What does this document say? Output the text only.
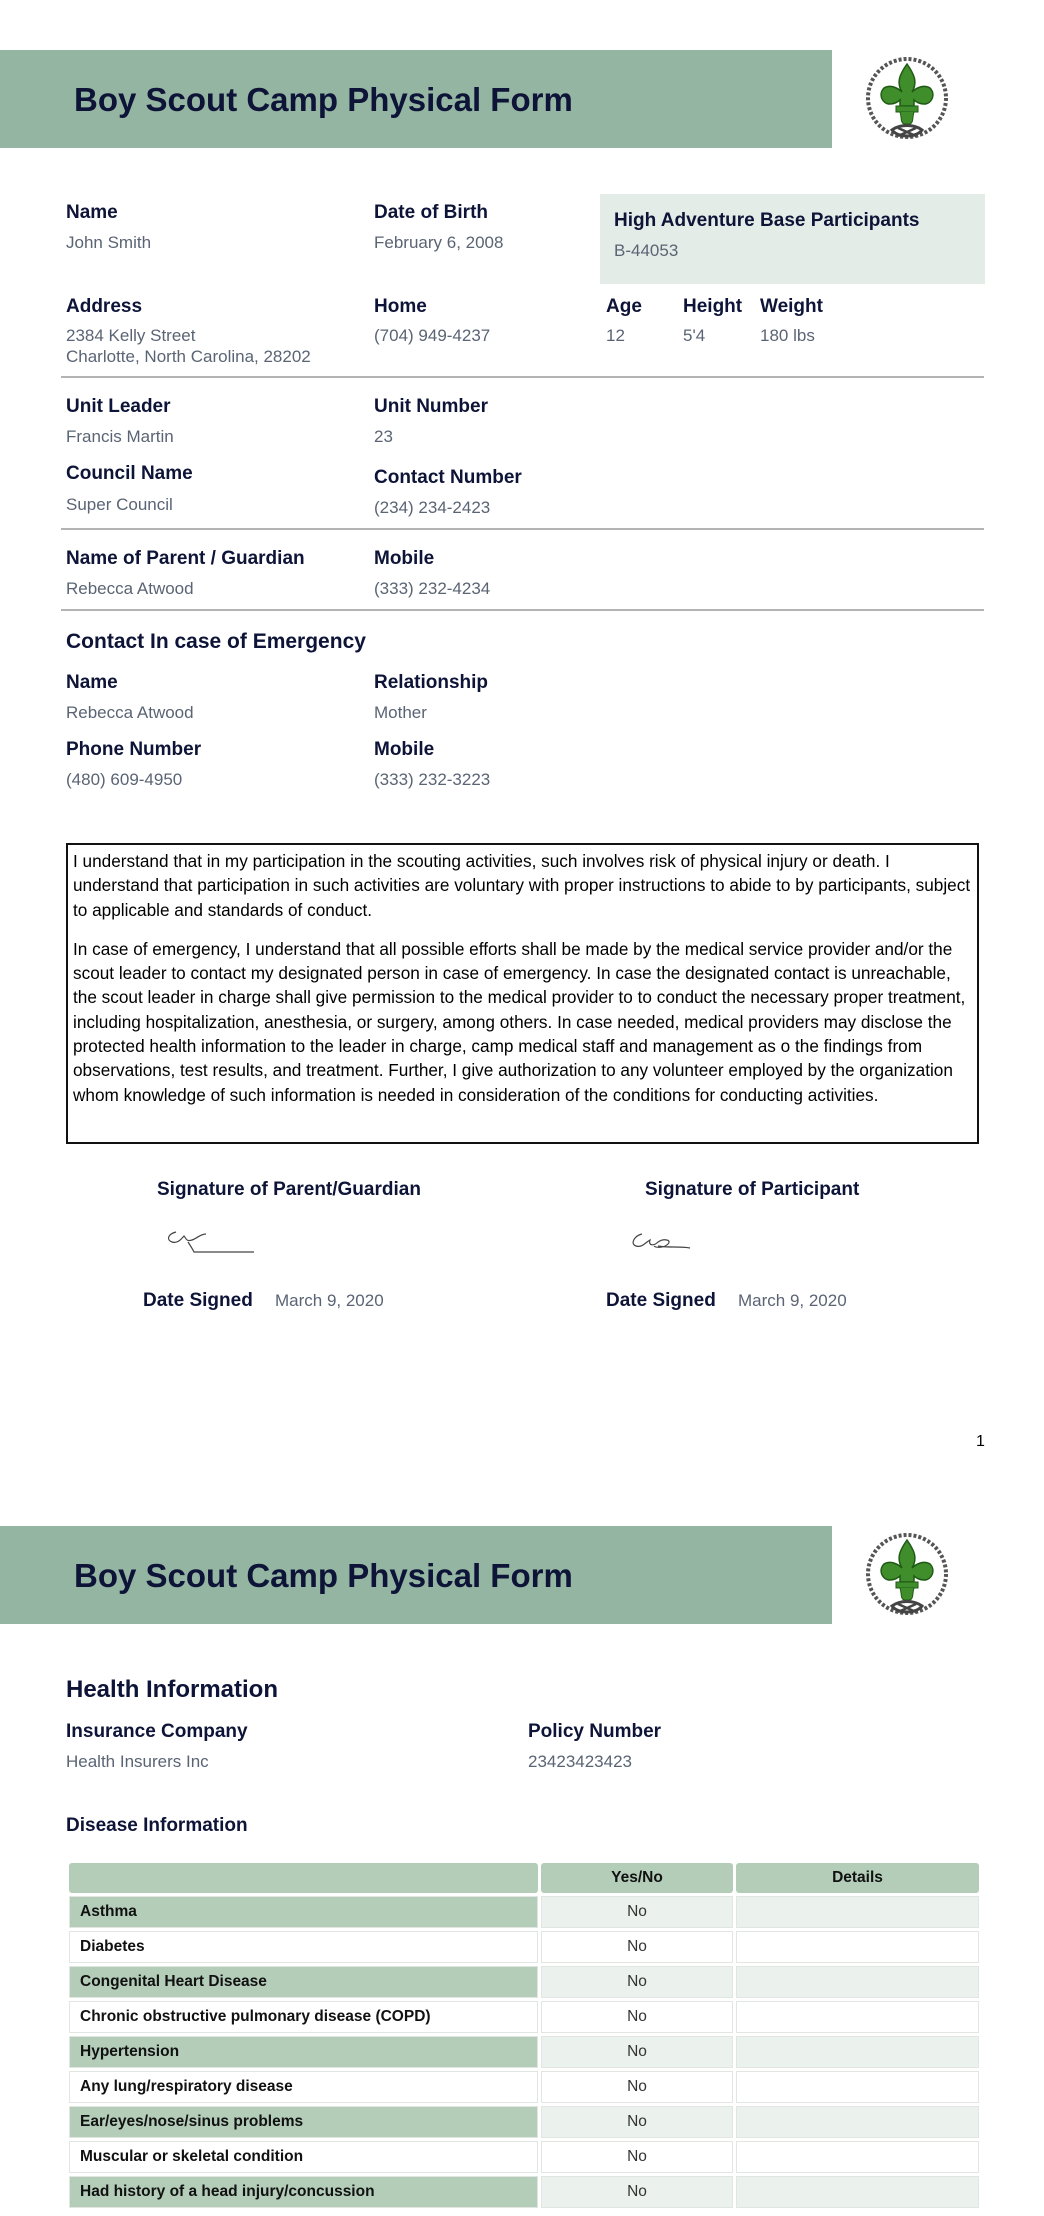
Boy Scout Camp Physical Form
Name
John Smith
Date of Birth
February 6, 2008
High Adventure Base Participants
B-44053
Address
2384 Kelly Street
Charlotte, North Carolina, 28202
Home
(704) 949-4237
Age
12
Height
5'4
Weight
180 lbs
Unit Leader
Francis Martin
Unit Number
23
Council Name
Super Council
Contact Number
(234) 234-2423
Name of Parent / Guardian
Rebecca Atwood
Mobile
(333) 232-4234
Contact In case of Emergency
Name
Rebecca Atwood
Relationship
Mother
Phone Number
(480) 609-4950
Mobile
(333) 232-3223

I understand that in my participation in the scouting activities, such involves risk of physical injury or death. I understand that participation in such activities are voluntary with proper instructions to abide to by participants, subject to applicable and standards of conduct.

In case of emergency, I understand that all possible efforts shall be made by the medical service provider and/or the scout leader to contact my designated person in case of emergency. In case the designated contact is unreachable, the scout leader in charge shall give permission to the medical provider to to conduct the necessary proper treatment, including hospitalization, anesthesia, or surgery, among others. In case needed, medical providers may disclose the protected health information to the leader in charge, camp medical staff and management as o the findings from observations, test results, and treatment. Further, I give authorization to any volunteer employed by the organization whom knowledge of such information is needed in consideration of the conditions for conducting activities.

Signature of Parent/Guardian
Date Signed March 9, 2020
Signature of Participant
Date Signed March 9, 2020
1
Boy Scout Camp Physical Form
Health Information
Insurance Company
Health Insurers Inc
Policy Number
23423423423
Disease Information
	Yes/No	Details
Asthma	No	
Diabetes	No	
Congenital Heart Disease	No	
Chronic obstructive pulmonary disease (COPD)	No	
Hypertension	No	
Any lung/respiratory disease	No	
Ear/eyes/nose/sinus problems	No	
Muscular or skeletal condition	No	
Had history of a head injury/concussion	No	
